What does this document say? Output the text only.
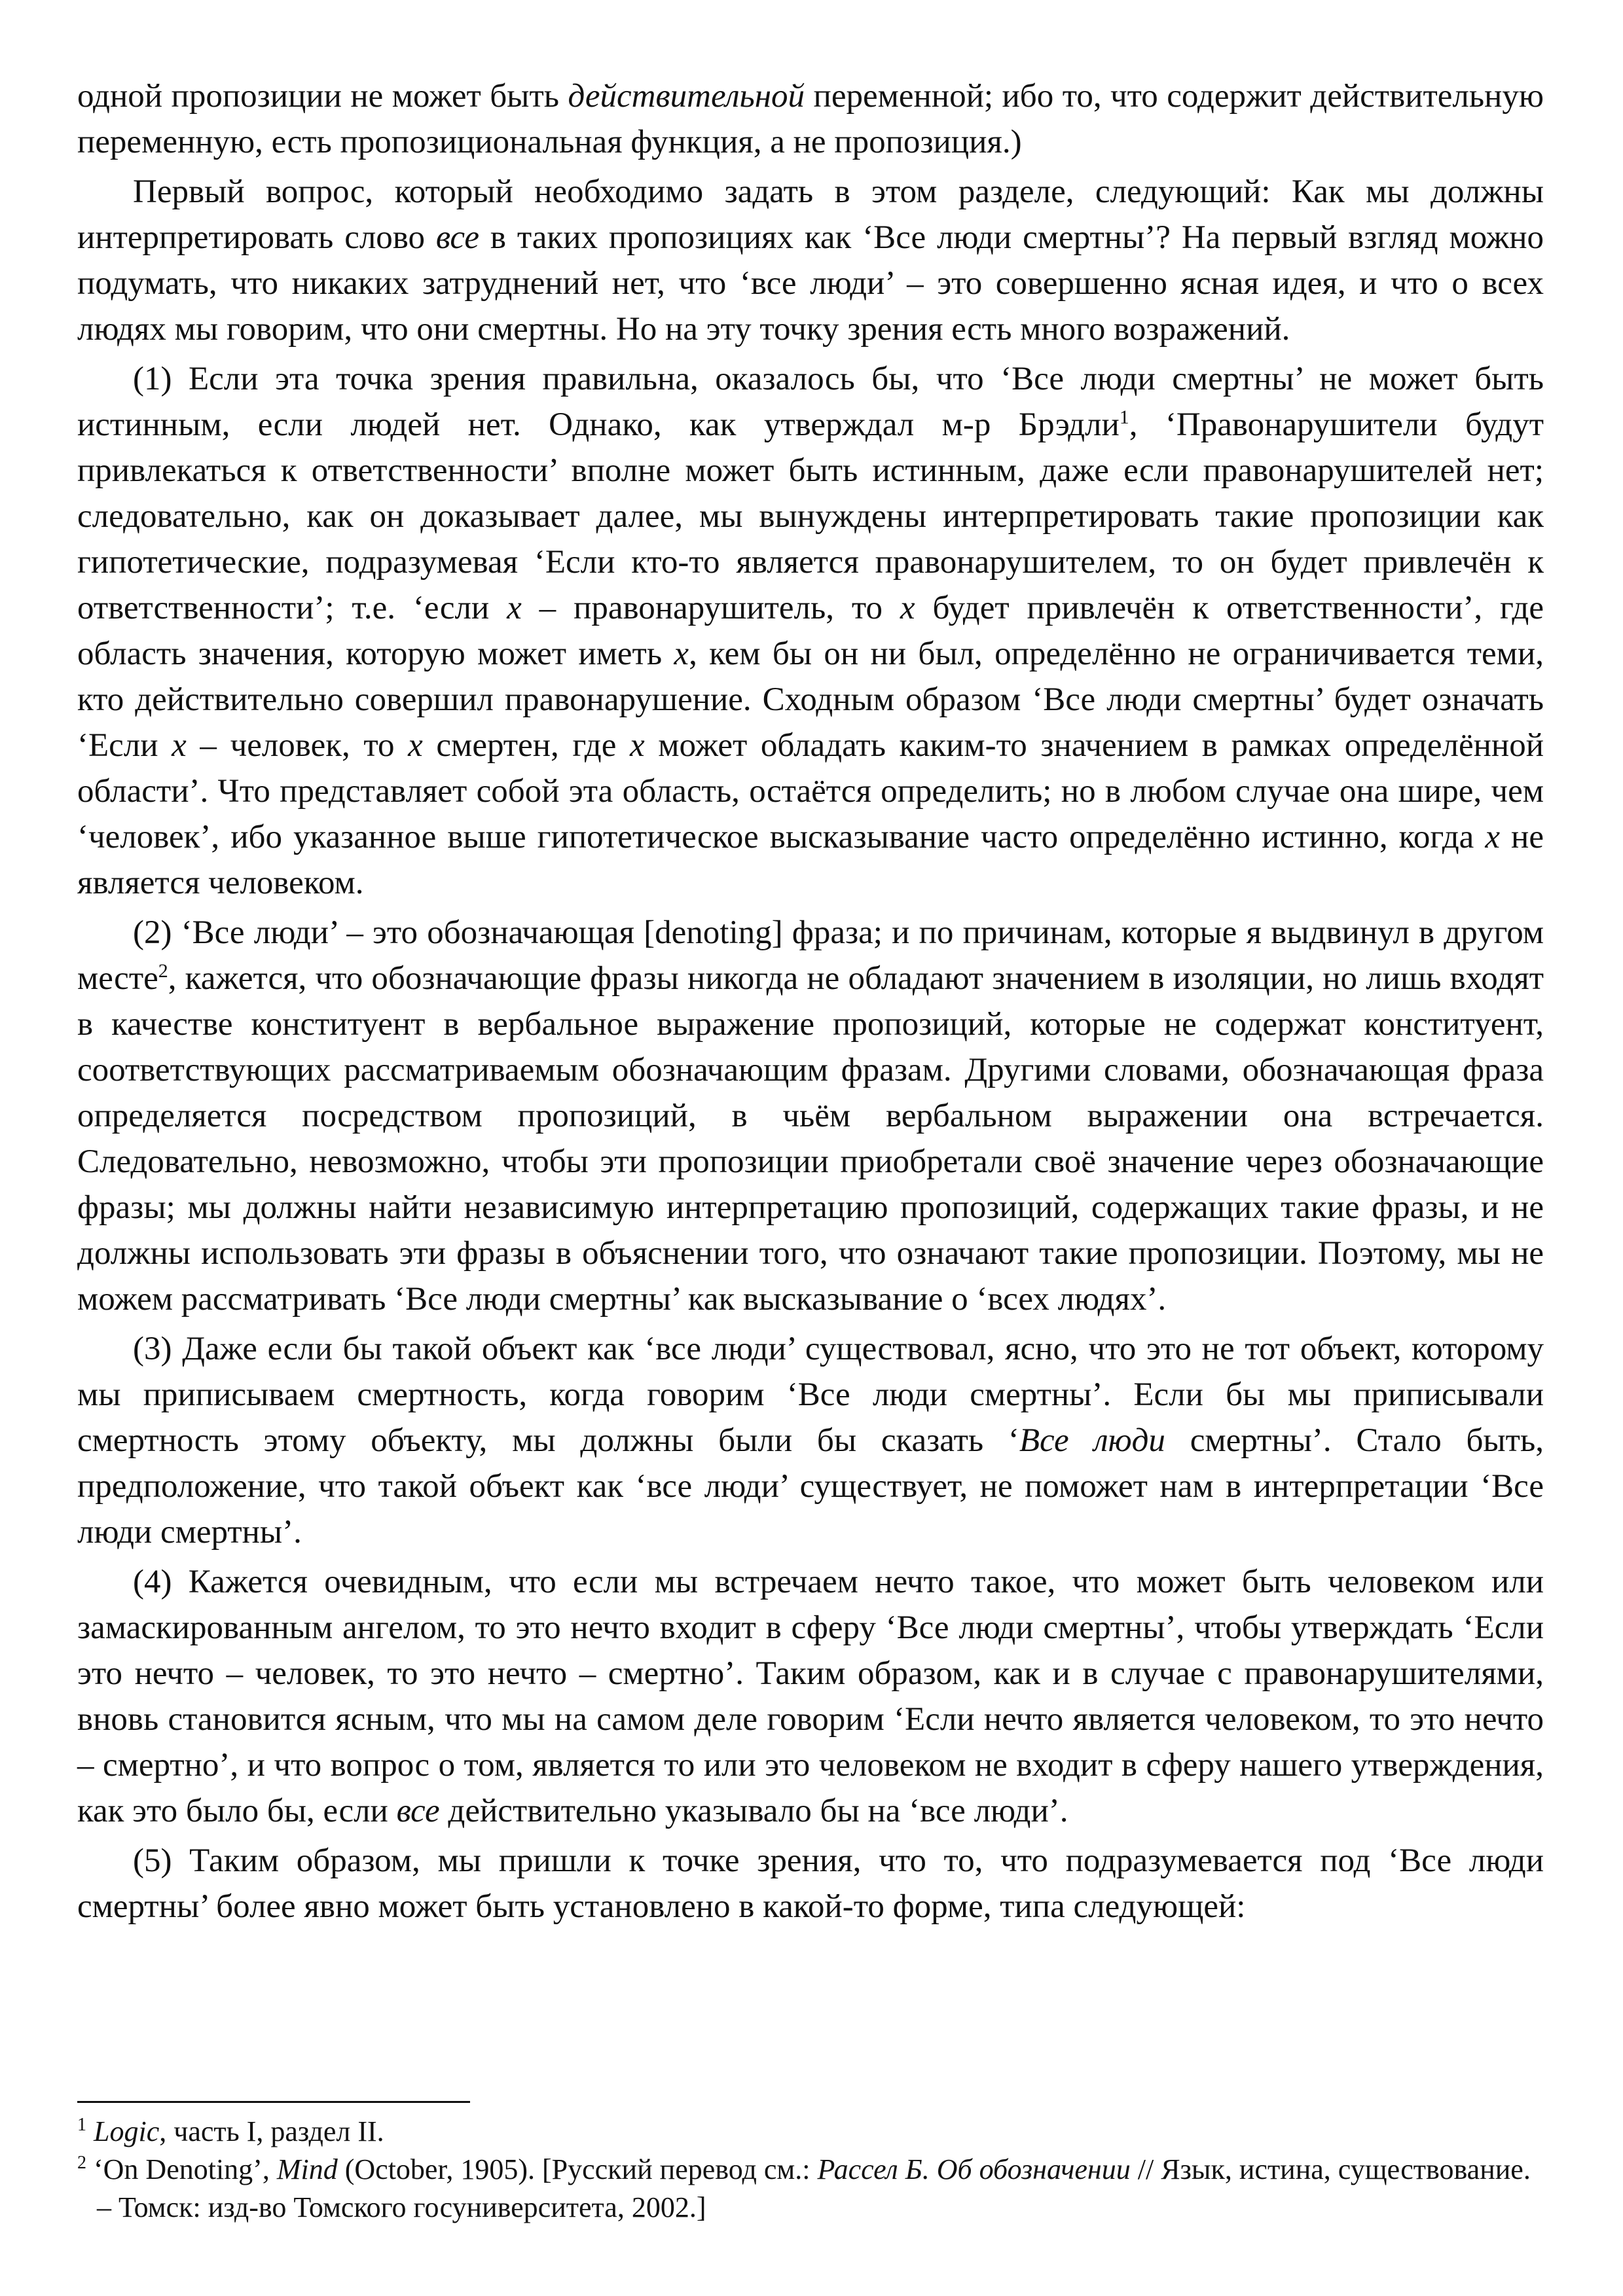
одной пропозиции не может быть действительной переменной; ибо то, что содержит действительную переменную, есть пропозициональная функция, а не пропозиция.)

Первый вопрос, который необходимо задать в этом разделе, следующий: Как мы должны интерпретировать слово все в таких пропозициях как ‘Все люди смертны’? На первый взгляд можно подумать, что никаких затруднений нет, что ‘все люди’ – это совершенно ясная идея, и что о всех людях мы говорим, что они смертны. Но на эту точку зрения есть много возражений.

(1) Если эта точка зрения правильна, оказалось бы, что ‘Все люди смертны’ не может быть истинным, если людей нет. Однако, как утверждал м-р Брэдли$^1$, ‘Правонарушители будут привлекаться к ответственности’ вполне может быть истинным, даже если правонарушителей нет; следовательно, как он доказывает далее, мы вынуждены интерпретировать такие пропозиции как гипотетические, подразумевая ‘Если кто-то является правонарушителем, то он будет привлечён к ответственности’; т.е. ‘если x – правонарушитель, то x будет привлечён к ответственности’, где область значения, которую может иметь x, кем бы он ни был, определённо не ограничивается теми, кто действительно совершил правонарушение. Сходным образом ‘Все люди смертны’ будет означать ‘Если x – человек, то x смертен, где x может обладать каким-то значением в рамках определённой области’. Что представляет собой эта область, остаётся определить; но в любом случае она шире, чем ‘человек’, ибо указанное выше гипотетическое высказывание часто определённо истинно, когда x не является человеком.

(2) ‘Все люди’ – это обозначающая [denoting] фраза; и по причинам, которые я выдвинул в другом месте$^2$, кажется, что обозначающие фразы никогда не обладают значением в изоляции, но лишь входят в качестве конституент в вербальное выражение пропозиций, которые не содержат конституент, соответствующих рассматриваемым обозначающим фразам. Другими словами, обозначающая фраза определяется посредством пропозиций, в чьём вербальном выражении она встречается. Следовательно, невозможно, чтобы эти пропозиции приобретали своё значение через обозначающие фразы; мы должны найти независимую интерпретацию пропозиций, содержащих такие фразы, и не должны использовать эти фразы в объяснении того, что означают такие пропозиции. Поэтому, мы не можем рассматривать ‘Все люди смертны’ как высказывание о ‘всех людях’.

(3) Даже если бы такой объект как ‘все люди’ существовал, ясно, что это не тот объект, которому мы приписываем смертность, когда говорим ‘Все люди смертны’. Если бы мы приписывали смертность этому объекту, мы должны были бы сказать ‘Все люди смертны’. Стало быть, предположение, что такой объект как ‘все люди’ существует, не поможет нам в интерпретации ‘Все люди смертны’.

(4) Кажется очевидным, что если мы встречаем нечто такое, что может быть человеком или замаскированным ангелом, то это нечто входит в сферу ‘Все люди смертны’, чтобы утверждать ‘Если это нечто – человек, то это нечто – смертно’. Таким образом, как и в случае с правонарушителями, вновь становится ясным, что мы на самом деле говорим ‘Если нечто является человеком, то это нечто – смертно’, и что вопрос о том, является то или это человеком не входит в сферу нашего утверждения, как это было бы, если все действительно указывало бы на ‘все люди’.

(5) Таким образом, мы пришли к точке зрения, что то, что подразумевается под ‘Все люди смертны’ более явно может быть установлено в какой-то форме, типа следующей:

$^1$ Logic, часть I, раздел II.

$^2$ ‘On Denoting’, Mind (October, 1905). [Русский перевод см.: Рассел Б. Об обозначении // Язык, истина, существование. – Томск: изд-во Томского госуниверситета, 2002.]
